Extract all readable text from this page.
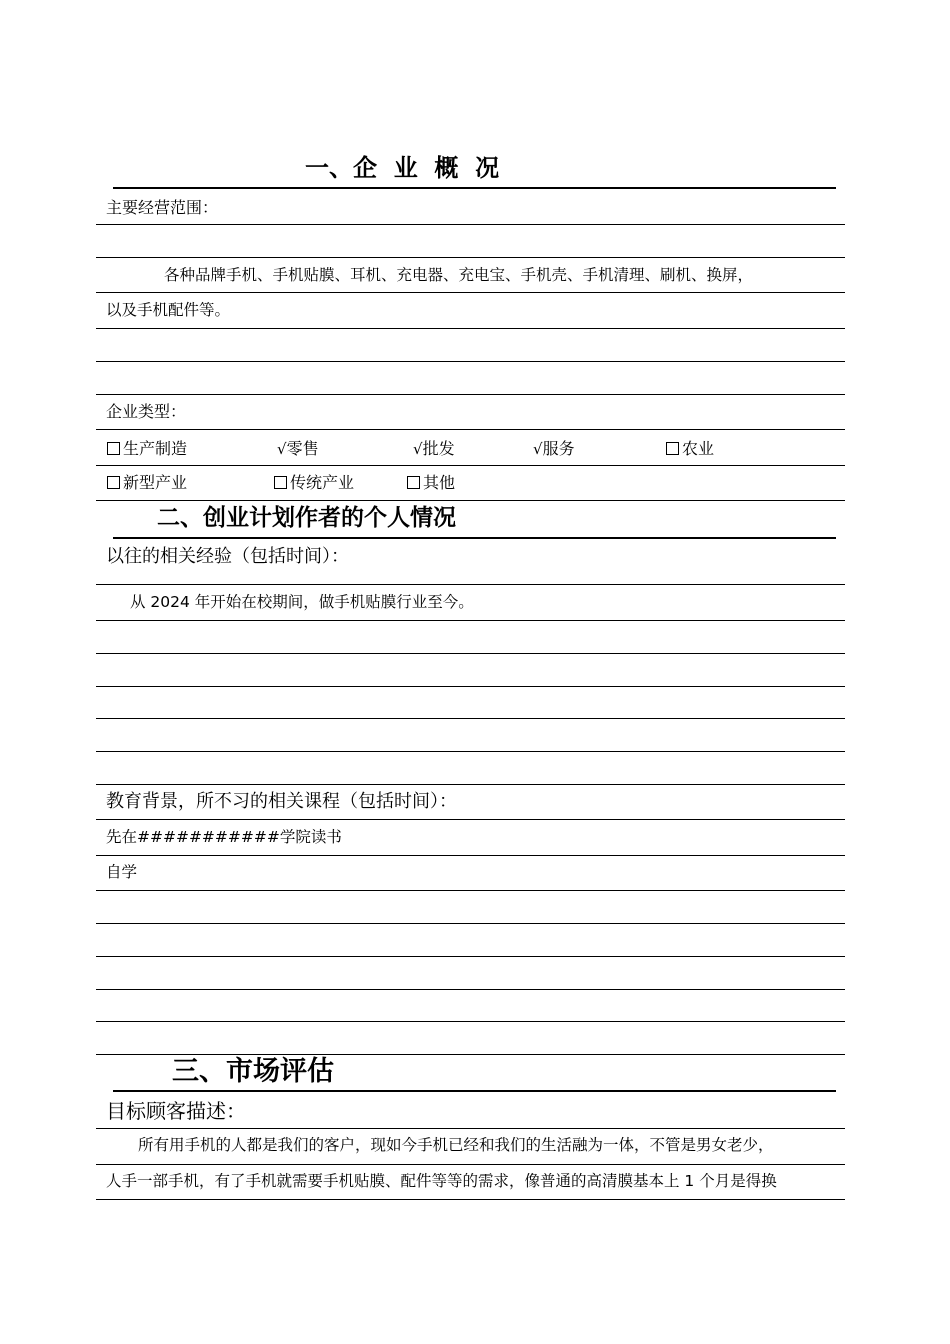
一、企  业  概  况
主要经营范围：
各种品牌手机、手机贴膜、耳机、充电器、充电宝、手机壳、手机清理、刷机、换屏，
以及手机配件等。
企业类型：
生产制造	√零售	√批发	√服务	农业
新型产业	传统产业	其他
二、创业计划作者的个人情况
以往的相关经验（包括时间）：
从 2024 年开始在校期间，做手机贴膜行业至今。
教育背景，所不习的相关课程（包括时间）：
先在###########学院读书
自学
三、市场评估
目标顾客描述：
所有用手机的人都是我们的客户，现如今手机已经和我们的生活融为一体，不管是男女老少，
人手一部手机，有了手机就需要手机贴膜、配件等等的需求，像普通的高清膜基本上 1 个月是得换
